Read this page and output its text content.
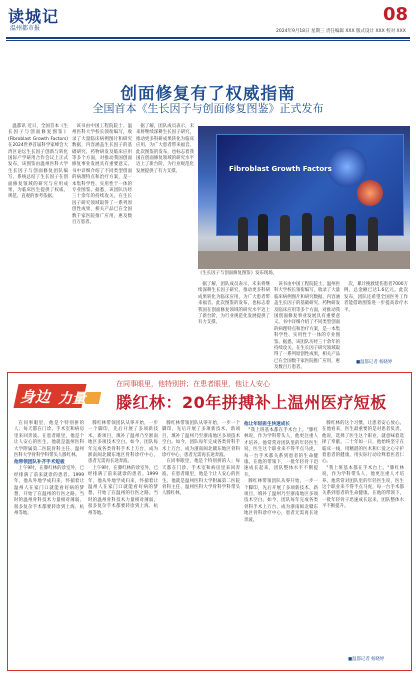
读城记
温州都市报
08
2024年9月18日 星期三 责任编辑 XXX 版式设计 XXX 校对 XXX
创面修复有了权威指南
全国首本《生长因子与创面修复图鉴》正式发布

温都讯 近日，全国首本《生长因子与创面修复图鉴》(Fibroblast Growth Factors)在2024世界首届科学家峰会大湾区论坛生长因子创新与转化国际产学研用合作会议上正式发布，该图鉴由温州医科大学生长因子与创面修复团队编写，系统总结了生长因子在创面修复领域的研究与应用成果，为临床医生提供了权威、规范、直观的参考依据。

该书由中国工程院院士、温州医科大学校长领衔编写，收录了大量临床病例图片和研究数据，内容涵盖生长因子的基础研究、药物研发及临床应用等多个方面，对推动我国创面修复事业发展具有重要意义。书中详细介绍了不同类型创面的病理特点和治疗方案，是一本集科学性、实用性于一体的专业图鉴。据悉，该团队历经三十余年的持续攻关，在生长因子研究领域取得了一系列原创性成果，相关产品已在全国数千家医院推广应用，惠及数百万患者。

据了解，团队成员表示，未来将继续深耕生长因子研究，推动更多科研成果转化为临床应用，为广大患者带来福音。此次图鉴的发布，也标志着我国在创面修复领域的研究水平迈上了新台阶，为行业规范化发展提供了有力支撑。	Fibroblast Growth Factors
《生长因子与创面修复图鉴》发布现场。

据了解，团队成员表示，未来将继续深耕生长因子研究，推动更多科研成果转化为临床应用，为广大患者带来福音。此次图鉴的发布，也标志着我国在创面修复领域的研究水平迈上了新台阶，为行业规范化发展提供了有力支撑。

该书由中国工程院院士、温州医科大学校长领衔编写，收录了大量临床病例图片和研究数据，内容涵盖生长因子的基础研究、药物研发及临床应用等多个方面，对推动我国创面修复事业发展具有重要意义。书中详细介绍了不同类型创面的病理特点和治疗方案，是一本集科学性、实用性于一体的专业图鉴。据悉，该团队历经三十余年的持续攻关，在生长因子研究领域取得了一系列原创性成果，相关产品已在全国数千家医院推广应用，惠及数百万患者。

次，累计挽救烧伤患者7000万例，总金额已达1.6亿元。此次发布，团队还希望全国医务工作者能借助图鉴进一步提高诊疗水平。

■温都记者 杨晓婷
身边 力量
在同事眼里，他特别拼；在患者眼里，他让人安心
滕红林：20年拼搏补上温州医疗短板

在同事眼里，他是个特别拼的人；每天都在门诊、手术室和病房里来回奔波。在患者眼里，他是个让人安心的医生。他就是温州医科大学附属第二医院骨科主任、温州医科大学骨科学科带头人滕红林。

他带领团队补齐手术短板

上午9时，在滕红林的诊室外，已经排满了前来就诊的患者。1999年，他从外地学成归来，怀揣着让温州人在家门口就能看好病的梦想，开始了在温州的行医之路。当时的温州骨科技术力量相对薄弱，很多复杂手术都要转诊到上海、杭州等地。

滕红林带领团队从零开始，一步一个脚印，先后开展了多项新技术、新项目，填补了温州乃至浙南地区多项技术空白。如今，团队每年完成各类骨科手术上万台，成为浙南闽北赣东地区骨科诊疗中心，患者无需再长途奔波。

上午9时，在滕红林的诊室外，已经排满了前来就诊的患者。1999年，他从外地学成归来，怀揣着让温州人在家门口就能看好病的梦想，开始了在温州的行医之路。当时的温州骨科技术力量相对薄弱，很多复杂手术都要转诊到上海、杭州等地。

滕红林带领团队从零开始，一步一个脚印，先后开展了多项新技术、新项目，填补了温州乃至浙南地区多项技术空白。如今，团队每年完成各类骨科手术上万台，成为浙南闽北赣东地区骨科诊疗中心，患者无需再长途奔波。

在同事眼里，他是个特别拼的人；每天都在门诊、手术室和病房里来回奔波。在患者眼里，他是个让人安心的医生。他就是温州医科大学附属第二医院骨科主任、温州医科大学骨科学科带头人滕红林。

他让年轻医生快速成长

"我上班基本都在手术台上。"滕红林说，作为学科带头人，他更注重人才培养。他常常对团队里的年轻医生说，医生这个职业来不得半点马虎，每一台手术都关系到患者的生命健康。在他的带领下，一批年轻骨干迅速成长起来，团队整体水平不断提升。

滕红林带领团队从零开始，一步一个脚印，先后开展了多项新技术、新项目，填补了温州乃至浙南地区多项技术空白。如今，团队每年完成各类骨科手术上万台，成为浙南闽北赣东地区骨科诊疗中心，患者无需再长途奔波。

滕红林的这个习惯，让患者安心放心。在他看来，医生最重要的是对患者负责。他说，选择了医生这个职业，就意味着选择了奉献。二十年如一日，他始终坚守在临床一线，用精湛的医术和仁爱之心守护着患者的健康，用实际行动诠释着医者仁心。

"我上班基本都在手术台上。"滕红林说，作为学科带头人，他更注重人才培养。他常常对团队里的年轻医生说，医生这个职业来不得半点马虎，每一台手术都关系到患者的生命健康。在他的带领下，一批年轻骨干迅速成长起来，团队整体水平不断提升。

■温都记者 杨晓婷
